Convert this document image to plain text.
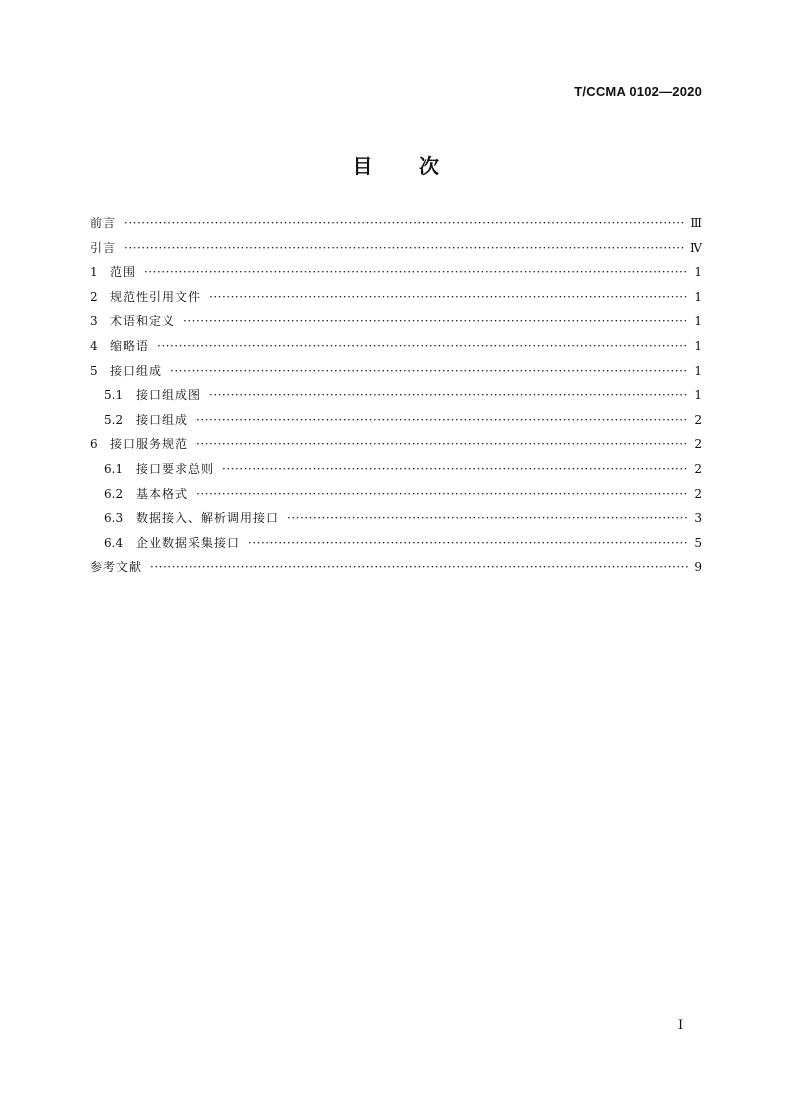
T/CCMA 0102—2020
目 次
前言 ·····	Ⅲ
引言 ·····	Ⅳ
1	范围 ·····	1
2	规范性引用文件 ·····	1
3	术语和定义 ·····	1
4	缩略语 ·····	1
5	接口组成 ·····	1
5.1	接口组成图 ·····	1
5.2	接口组成 ·····	2
6	接口服务规范 ·····	2
6.1	接口要求总则 ·····	2
6.2	基本格式 ·····	2
6.3	数据接入、解析调用接口 ·····	3
6.4	企业数据采集接口 ·····	5
参考文献 ·····	9
Ⅰ
